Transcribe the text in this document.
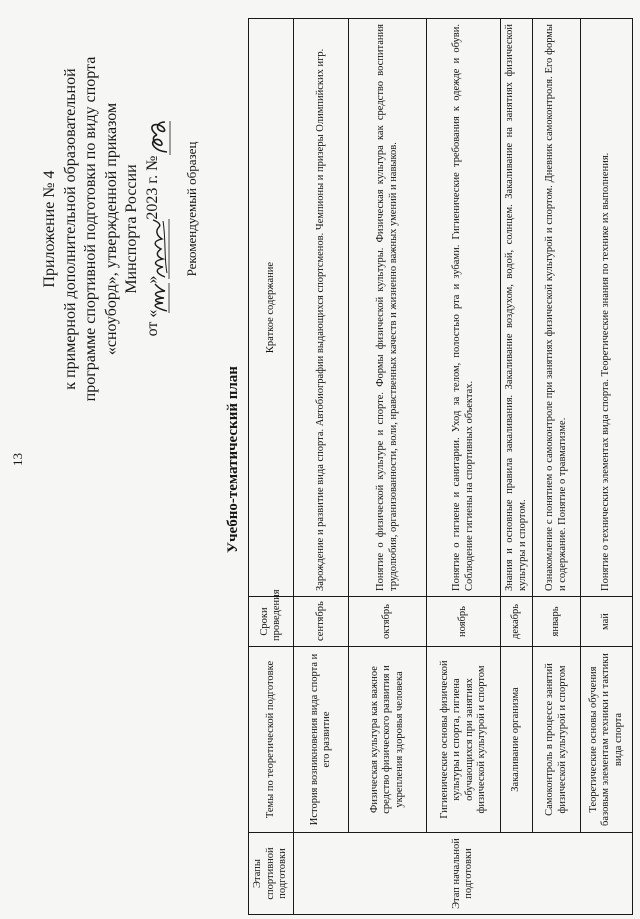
13
Приложение № 4 к примерной дополнительной образовательной программе спортивной подготовки по виду спорта «сноуборд», утвержденной приказом Минспорта России
от «
»
2023 г. № Рекомендуемый образец
Учебно-тематический план
Этапы спортивной подготовки	Темы по теоретической подготовке	Сроки проведения	Краткое содержание
Этап начальной подготовки	История возникновения вида спорта и его развитие	сентябрь	Зарождение и развитие вида спорта. Автобиографии выдающихся спортсменов. Чемпионы и призеры Олимпийских игр.
	Физическая культура как важное средство физического развития и укрепления здоровья человека	октябрь	Понятие о физической культуре и спорте. Формы физической культуры. Физическая культура как средство воспитания трудолюбия, организованности, воли, нравственных качеств и жизненно важных умений и навыков.
	Гигиенические основы физической культуры и спорта, гигиена обучающихся при занятиях физической культурой и спортом	ноябрь	Понятие о гигиене и санитарии. Уход за телом, полостью рта и зубами. Гигиенические требования к одежде и обуви. Соблюдение гигиены на спортивных объектах.
	Закаливание организма	декабрь	Знания и основные правила закаливания. Закаливание воздухом, водой, солнцем. Закаливание на занятиях физической культуры и спортом.
	Самоконтроль в процессе занятий физической культурой и спортом	январь	Ознакомление с понятием о самоконтроле при занятиях физической культурой и спортом. Дневник самоконтроля. Его формы и содержание. Понятие о травматизме.
	Теоретические основы обучения базовым элементам техники и тактики вида спорта	май	Понятие о технических элементах вида спорта. Теоретические знания по технике их выполнения.
